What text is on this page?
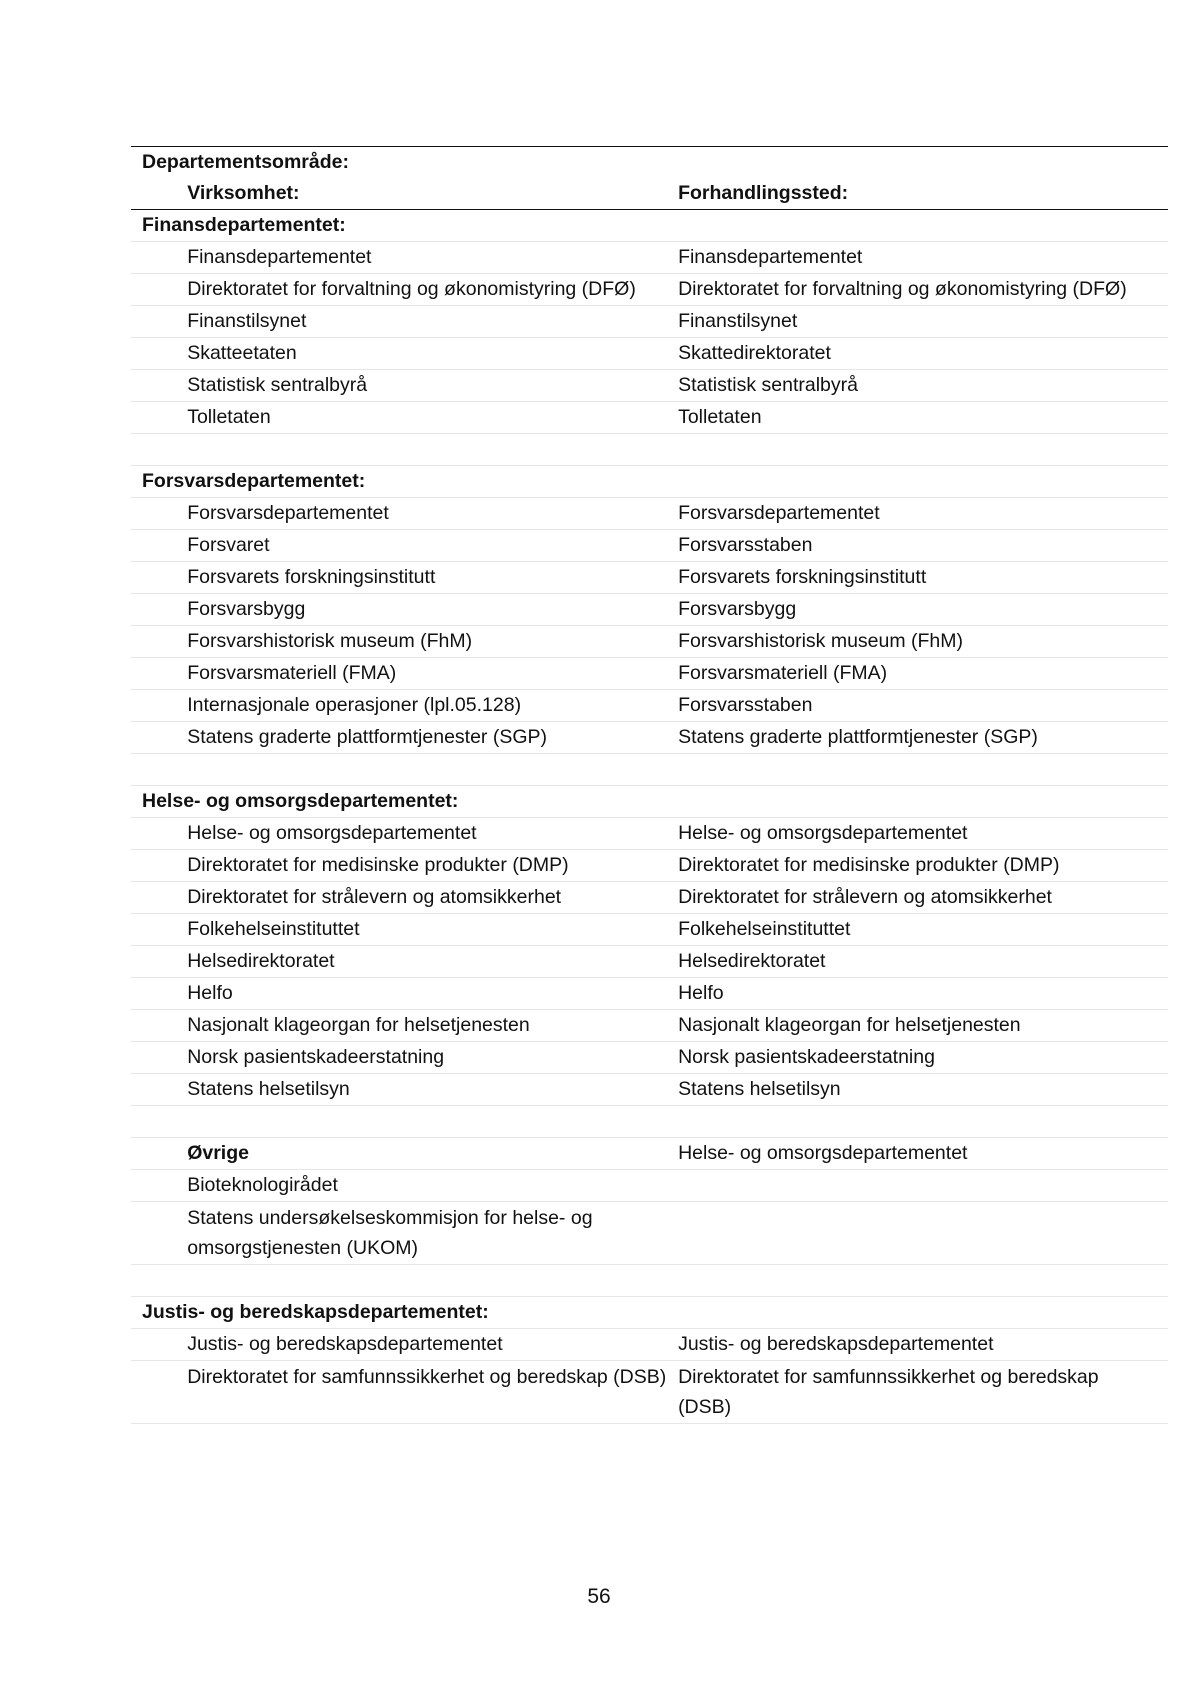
Departementsområde:		
	Virksomhet:	Forhandlingssted:
Finansdepartementet:		
	Finansdepartementet	Finansdepartementet
	Direktoratet for forvaltning og økonomistyring (DFØ)	Direktoratet for forvaltning og økonomistyring (DFØ)
	Finanstilsynet	Finanstilsynet
	Skatteetaten	Skattedirektoratet
	Statistisk sentralbyrå	Statistisk sentralbyrå
	Tolletaten	Tolletaten

Forsvarsdepartementet:		
	Forsvarsdepartementet	Forsvarsdepartementet
	Forsvaret	Forsvarsstaben
	Forsvarets forskningsinstitutt	Forsvarets forskningsinstitutt
	Forsvarsbygg	Forsvarsbygg
	Forsvarshistorisk museum (FhM)	Forsvarshistorisk museum (FhM)
	Forsvarsmateriell (FMA)	Forsvarsmateriell (FMA)
	Internasjonale operasjoner (lpl.05.128)	Forsvarsstaben
	Statens graderte plattformtjenester (SGP)	Statens graderte plattformtjenester (SGP)

Helse- og omsorgsdepartementet:		
	Helse- og omsorgsdepartementet	Helse- og omsorgsdepartementet
	Direktoratet for medisinske produkter (DMP)	Direktoratet for medisinske produkter (DMP)
	Direktoratet for strålevern og atomsikkerhet	Direktoratet for strålevern og atomsikkerhet
	Folkehelseinstituttet	Folkehelseinstituttet
	Helsedirektoratet	Helsedirektoratet
	Helfo	Helfo
	Nasjonalt klageorgan for helsetjenesten	Nasjonalt klageorgan for helsetjenesten
	Norsk pasientskadeerstatning	Norsk pasientskadeerstatning
	Statens helsetilsyn	Statens helsetilsyn

	Øvrige	Helse- og omsorgsdepartementet
	Bioteknologirådet	
	Statens undersøkelseskommisjon for helse- og omsorgstjenesten (UKOM)	

Justis- og beredskapsdepartementet:		
	Justis- og beredskapsdepartementet	Justis- og beredskapsdepartementet
	Direktoratet for samfunnssikkerhet og beredskap (DSB)	Direktoratet for samfunnssikkerhet og beredskap (DSB)
56
